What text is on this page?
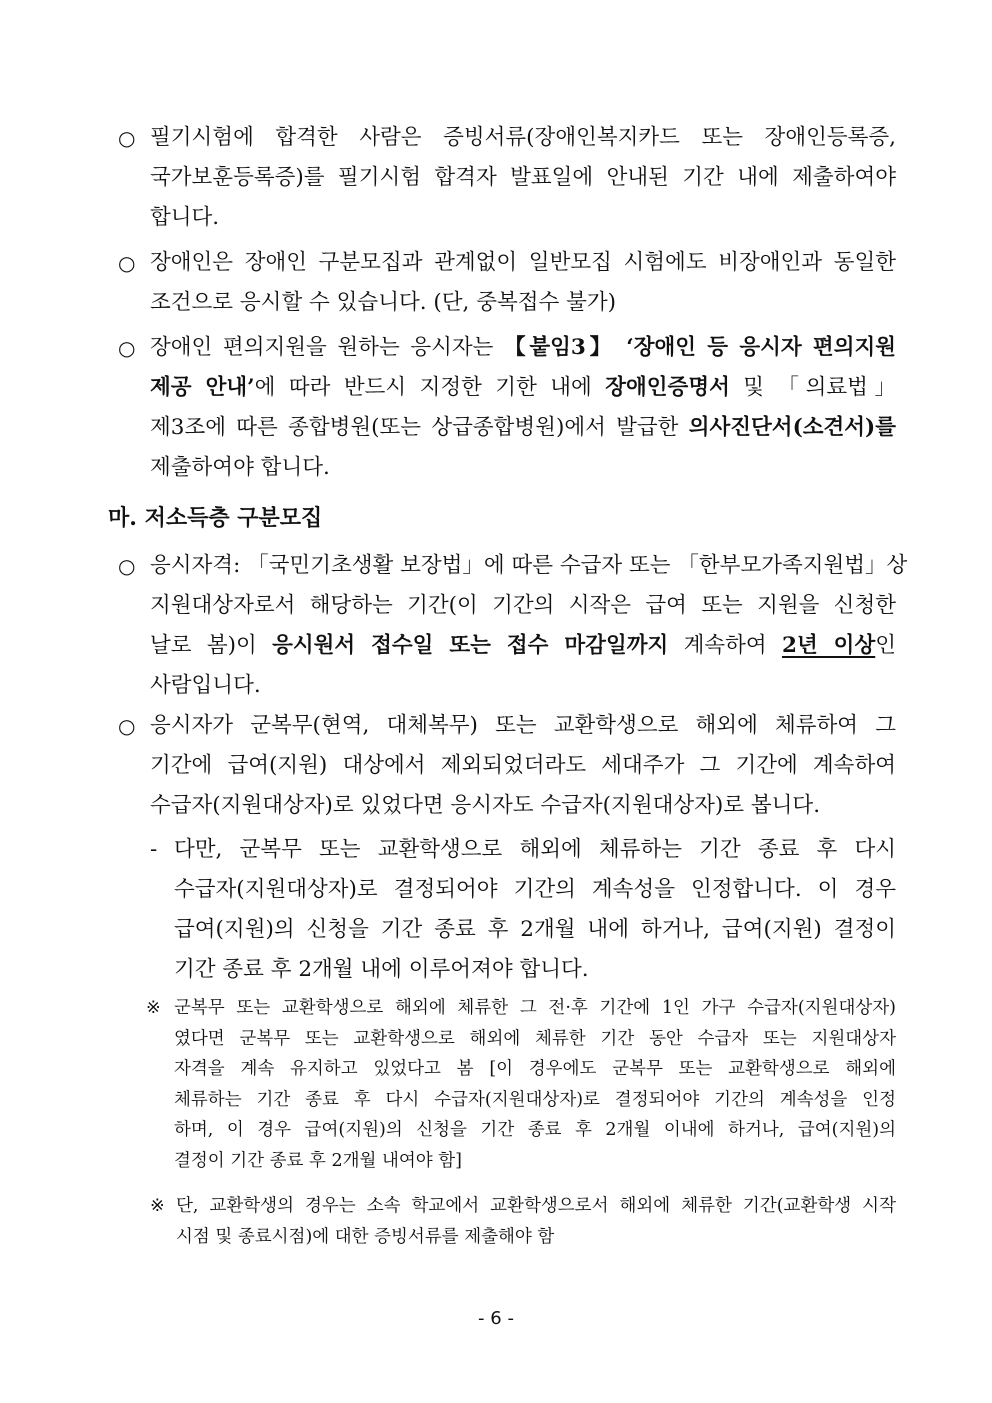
○ 필기시험에 합격한 사람은 증빙서류(장애인복지카드 또는 장애인등록증,
국가보훈등록증)를 필기시험 합격자 발표일에 안내된 기간 내에 제출하여야
합니다.
○ 장애인은 장애인 구분모집과 관계없이 일반모집 시험에도 비장애인과 동일한
조건으로 응시할 수 있습니다. (단, 중복접수 불가)
○ 장애인 편의지원을 원하는 응시자는 【붙임3】 ‘장애인 등 응시자 편의지원
제공 안내’에 따라 반드시 지정한 기한 내에 장애인증명서 및 「의료법」
제3조에 따른 종합병원(또는 상급종합병원)에서 발급한 의사진단서(소견서)를
제출하여야 합니다.
마. 저소득층 구분모집
○ 응시자격: 「국민기초생활 보장법」에 따른 수급자 또는 「한부모가족지원법」상
지원대상자로서 해당하는 기간(이 기간의 시작은 급여 또는 지원을 신청한
날로 봄)이 응시원서 접수일 또는 접수 마감일까지 계속하여 2년 이상인
사람입니다.
○ 응시자가 군복무(현역, 대체복무) 또는 교환학생으로 해외에 체류하여 그
기간에 급여(지원) 대상에서 제외되었더라도 세대주가 그 기간에 계속하여
수급자(지원대상자)로 있었다면 응시자도 수급자(지원대상자)로 봅니다.
- 다만, 군복무 또는 교환학생으로 해외에 체류하는 기간 종료 후 다시
수급자(지원대상자)로 결정되어야 기간의 계속성을 인정합니다. 이 경우
급여(지원)의 신청을 기간 종료 후 2개월 내에 하거나, 급여(지원) 결정이
기간 종료 후 2개월 내에 이루어져야 합니다.
※ 군복무 또는 교환학생으로 해외에 체류한 그 전·후 기간에 1인 가구 수급자(지원대상자)
였다면 군복무 또는 교환학생으로 해외에 체류한 기간 동안 수급자 또는 지원대상자
자격을 계속 유지하고 있었다고 봄 [이 경우에도 군복무 또는 교환학생으로 해외에
체류하는 기간 종료 후 다시 수급자(지원대상자)로 결정되어야 기간의 계속성을 인정
하며, 이 경우 급여(지원)의 신청을 기간 종료 후 2개월 이내에 하거나, 급여(지원)의
결정이 기간 종료 후 2개월 내여야 함]
※ 단, 교환학생의 경우는 소속 학교에서 교환학생으로서 해외에 체류한 기간(교환학생 시작
시점 및 종료시점)에 대한 증빙서류를 제출해야 함
- 6 -
